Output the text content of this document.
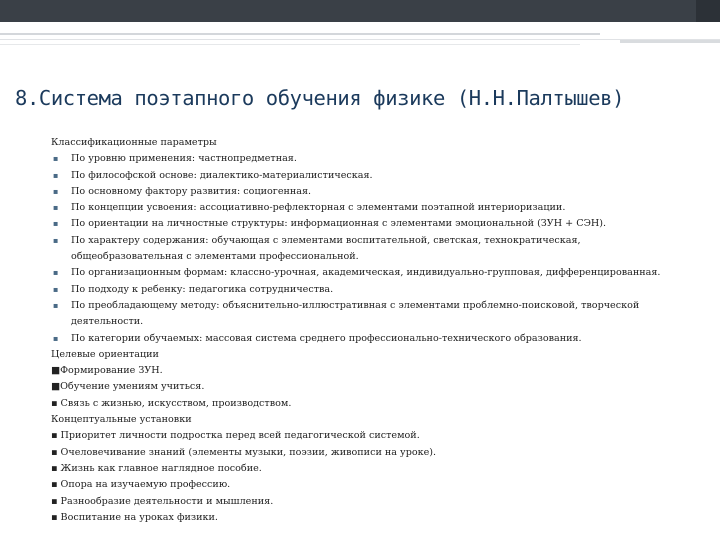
8.Система поэтапного обучения физике (Н.Н.Палтышев)
Классификационные параметры
▪ По уровню применения: частнопредметная.
▪ По философской основе: диалектико-материалистическая.
▪ По основному фактору развития: социогенная.
▪ По концепции усвоения: ассоциативно-рефлекторная с элементами поэтапной интериоризации.
▪ По ориентации на личностные структуры: информационная с элементами эмоциональной (ЗУН + СЭН).
▪ По характеру содержания: обучающая с элементами воспитательной, светская, технократическая,
общеобразовательная с элементами профессиональной.
▪ По организационным формам: классно-урочная, академическая, индивидуально-групповая, дифференцированная.
▪ По подходу к ребенку: педагогика сотрудничества.
▪ По преобладающему методу: объяснительно-иллюстративная с элементами проблемно-поисковой, творческой
деятельности.
▪ По категории обучаемых: массовая система среднего профессионально-технического образования.
Целевые ориентации
■Формирование ЗУН.
■Обучение умениям учиться.
▪ Связь с жизнью, искусством, производством.
Концептуальные установки
▪ Приоритет личности подростка перед всей педагогической системой.
▪ Очеловечивание знаний (элементы музыки, поэзии, живописи на уроке).
▪ Жизнь как главное наглядное пособие.
▪ Опора на изучаемую профессию.
▪ Разнообразие деятельности и мышления.
▪ Воспитание на уроках физики.
